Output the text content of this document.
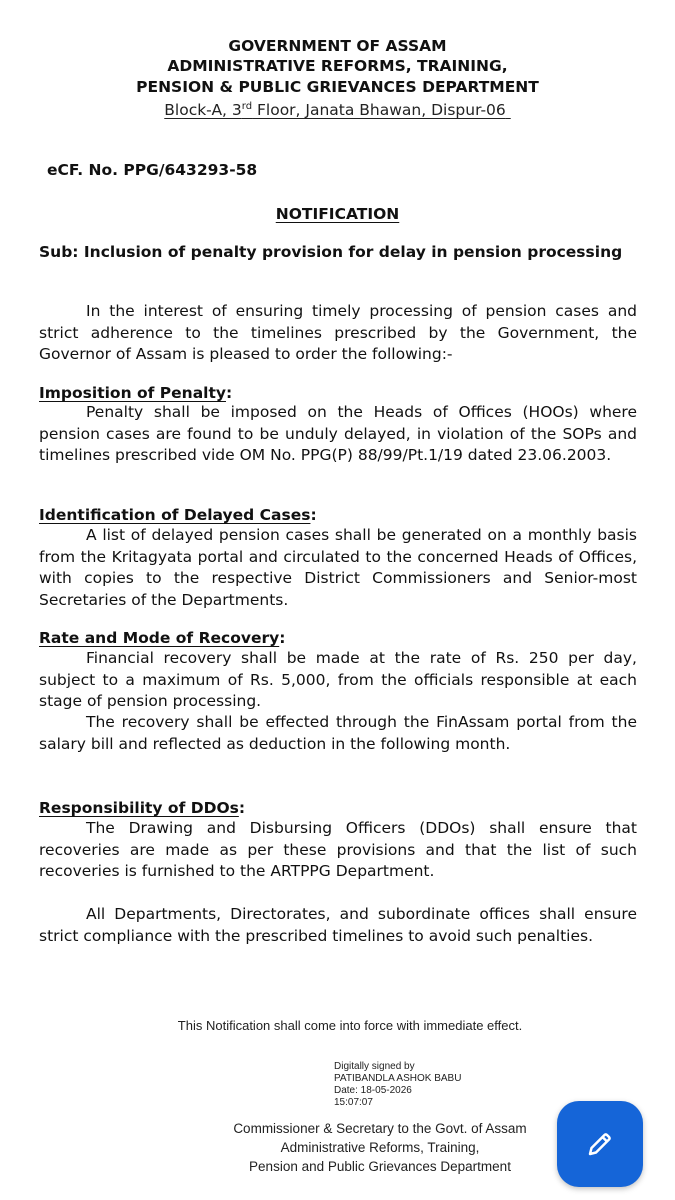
GOVERNMENT OF ASSAM
ADMINISTRATIVE REFORMS, TRAINING,
PENSION & PUBLIC GRIEVANCES DEPARTMENT
Block-A, 3rd Floor, Janata Bhawan, Dispur-06
eCF. No. PPG/643293-58
NOTIFICATION
Sub: Inclusion of penalty provision for delay in pension processing
In the interest of ensuring timely processing of pension cases and strict adherence to the timelines prescribed by the Government, the Governor of Assam is pleased to order the following:-
Imposition of Penalty:
Penalty shall be imposed on the Heads of Offices (HOOs) where pension cases are found to be unduly delayed, in violation of the SOPs and timelines prescribed vide OM No. PPG(P) 88/99/Pt.1/19 dated 23.06.2003.
Identification of Delayed Cases:
A list of delayed pension cases shall be generated on a monthly basis from the Kritagyata portal and circulated to the concerned Heads of Offices, with copies to the respective District Commissioners and Senior-most Secretaries of the Departments.
Rate and Mode of Recovery:
Financial recovery shall be made at the rate of Rs. 250 per day, subject to a maximum of Rs. 5,000, from the officials responsible at each stage of pension processing.
The recovery shall be effected through the FinAssam portal from the salary bill and reflected as deduction in the following month.
Responsibility of DDOs:
The Drawing and Disbursing Officers (DDOs) shall ensure that recoveries are made as per these provisions and that the list of such recoveries is furnished to the ARTPPG Department.
All Departments, Directorates, and subordinate offices shall ensure strict compliance with the prescribed timelines to avoid such penalties.
This Notification shall come into force with immediate effect.
Digitally signed by
PATIBANDLA ASHOK BABU
Date: 18-05-2026
15:07:07
Commissioner & Secretary to the Govt. of Assam
Administrative Reforms, Training,
Pension and Public Grievances Department
